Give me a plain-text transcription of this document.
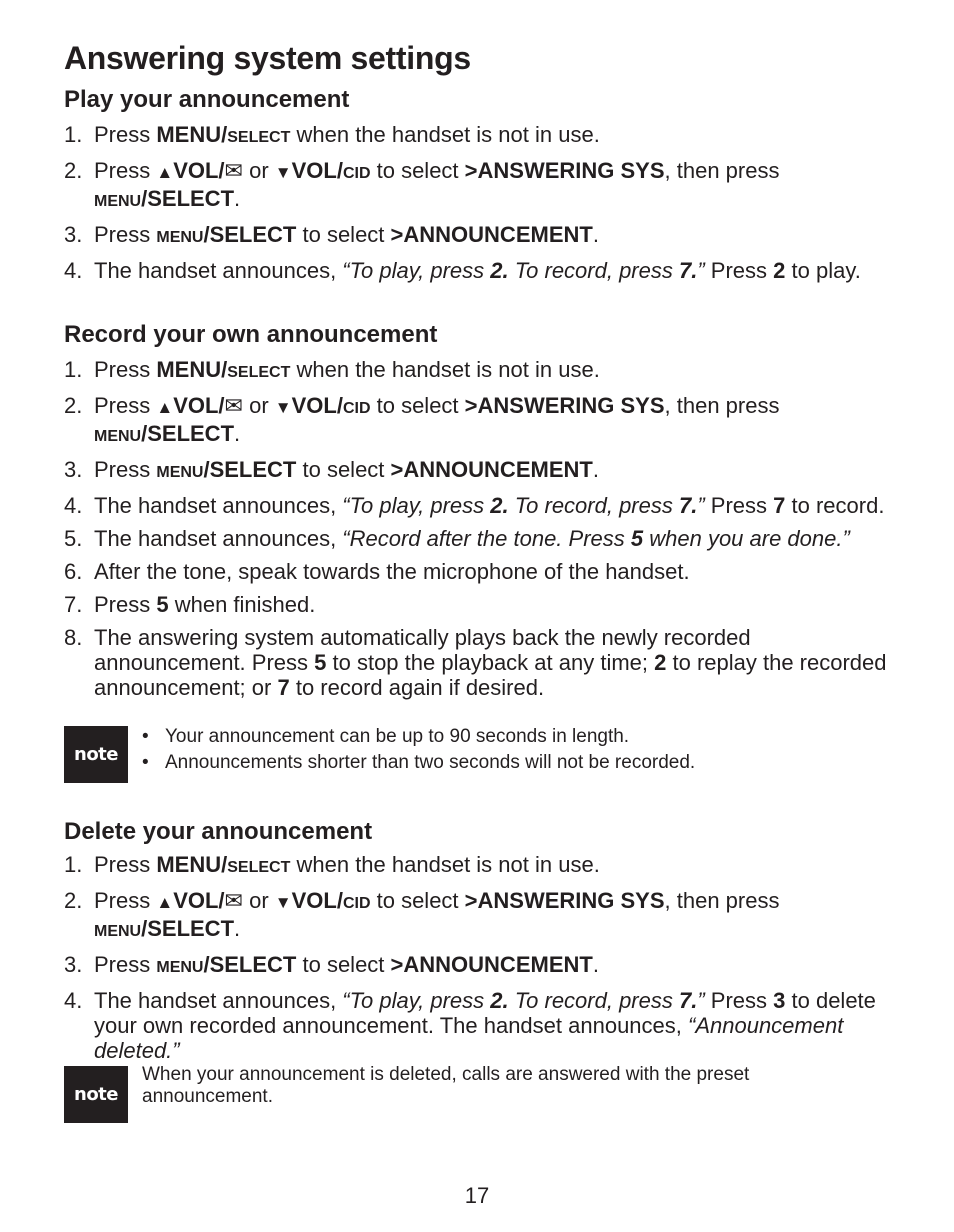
Answering system settings
Play your announcement
1. Press MENU/SELECT when the handset is not in use.
2. Press ▲VOL/✉ or ▼VOL/CID to select >ANSWERING SYS, then press MENU/SELECT.
3. Press MENU/SELECT to select >ANNOUNCEMENT.
4. The handset announces, “To play, press 2. To record, press 7.” Press 2 to play.
Record your own announcement
1. Press MENU/SELECT when the handset is not in use.
2. Press ▲VOL/✉ or ▼VOL/CID to select >ANSWERING SYS, then press MENU/SELECT.
3. Press MENU/SELECT to select >ANNOUNCEMENT.
4. The handset announces, “To play, press 2. To record, press 7.” Press 7 to record.
5. The handset announces, “Record after the tone. Press 5 when you are done.”
6. After the tone, speak towards the microphone of the handset.
7. Press 5 when finished.
8. The answering system automatically plays back the newly recorded announcement. Press 5 to stop the playback at any time; 2 to replay the recorded announcement; or 7 to record again if desired.
note
• Your announcement can be up to 90 seconds in length.
• Announcements shorter than two seconds will not be recorded.
Delete your announcement
1. Press MENU/SELECT when the handset is not in use.
2. Press ▲VOL/✉ or ▼VOL/CID to select >ANSWERING SYS, then press MENU/SELECT.
3. Press MENU/SELECT to select >ANNOUNCEMENT.
4. The handset announces, “To play, press 2. To record, press 7.” Press 3 to delete your own recorded announcement. The handset announces, “Announcement deleted.”
note

When your announcement is deleted, calls are answered with the preset announcement.

17
